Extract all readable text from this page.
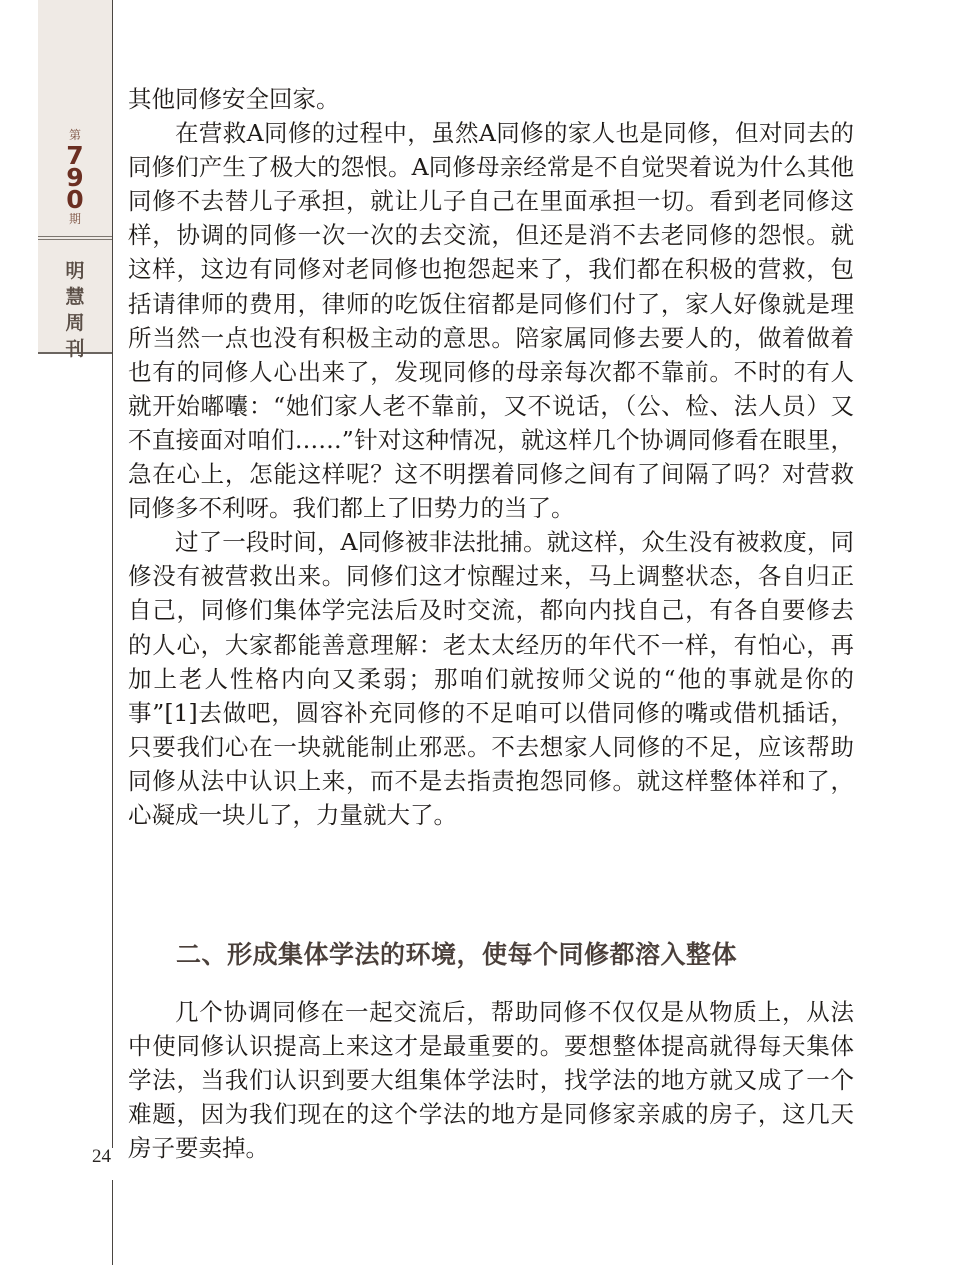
第
7
9
0
期
明
慧
周
刊

其他同修安全回家。

在营救A同修的过程中，虽然A同修的家人也是同修，但对同去的同修们产生了极大的怨恨。A同修母亲经常是不自觉哭着说为什么其他同修不去替儿子承担，就让儿子自己在里面承担一切。看到老同修这样，协调的同修一次一次的去交流，但还是消不去老同修的怨恨。就这样，这边有同修对老同修也抱怨起来了，我们都在积极的营救，包括请律师的费用，律师的吃饭住宿都是同修们付了，家人好像就是理所当然一点也没有积极主动的意思。陪家属同修去要人的，做着做着也有的同修人心出来了，发现同修的母亲每次都不靠前。不时的有人就开始嘟囔：“她们家人老不靠前，又不说话，（公、检、法人员）又不直接面对咱们……”针对这种情况，就这样几个协调同修看在眼里，急在心上，怎能这样呢？这不明摆着同修之间有了间隔了吗？对营救同修多不利呀。我们都上了旧势力的当了。

过了一段时间，A同修被非法批捕。就这样，众生没有被救度，同修没有被营救出来。同修们这才惊醒过来，马上调整状态，各自归正自己，同修们集体学完法后及时交流，都向内找自己，有各自要修去的人心，大家都能善意理解：老太太经历的年代不一样，有怕心，再加上老人性格内向又柔弱；那咱们就按师父说的“他的事就是你的事”[1]去做吧，圆容补充同修的不足咱可以借同修的嘴或借机插话，只要我们心在一块就能制止邪恶。不去想家人同修的不足，应该帮助同修从法中认识上来，而不是去指责抱怨同修。就这样整体祥和了，心凝成一块儿了，力量就大了。

二、形成集体学法的环境，使每个同修都溶入整体

几个协调同修在一起交流后，帮助同修不仅仅是从物质上，从法中使同修认识提高上来这才是最重要的。要想整体提高就得每天集体学法，当我们认识到要大组集体学法时，找学法的地方就又成了一个难题，因为我们现在的这个学法的地方是同修家亲戚的房子，这几天房子要卖掉。

24
